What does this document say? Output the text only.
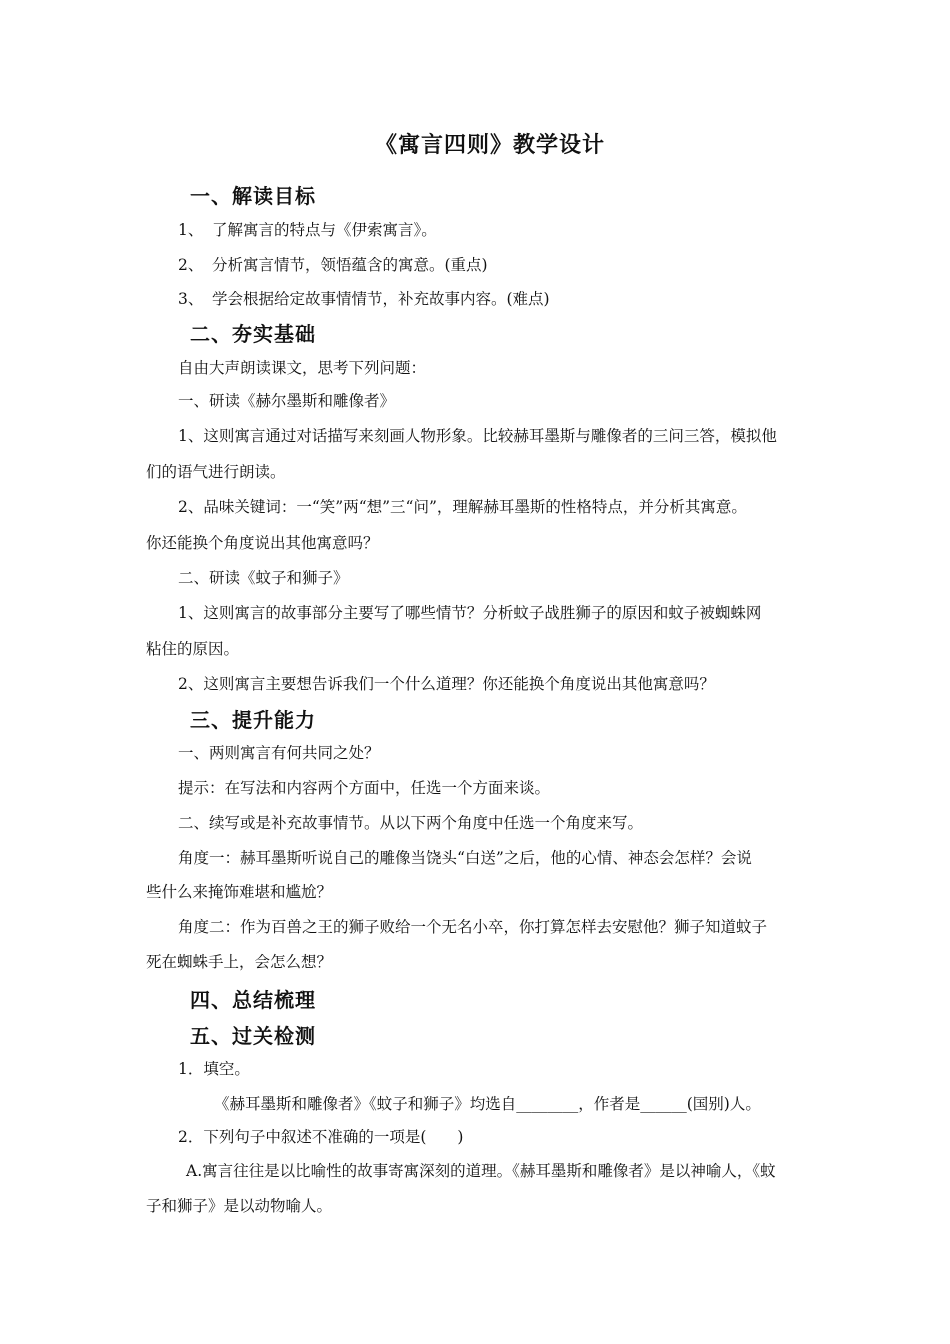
《寓言四则》教学设计
一、解读目标
1、 了解寓言的特点与《伊索寓言》。
2、 分析寓言情节，领悟蕴含的寓意。(重点)
3、 学会根据给定故事情情节，补充故事内容。(难点)
二、夯实基础
自由大声朗读课文，思考下列问题：
一、研读《赫尔墨斯和雕像者》
1、这则寓言通过对话描写来刻画人物形象。比较赫耳墨斯与雕像者的三问三答，模拟他
们的语气进行朗读。
2、品味关键词：一“笑”两“想”三“问”，理解赫耳墨斯的性格特点，并分析其寓意。
你还能换个角度说出其他寓意吗？
二、研读《蚊子和狮子》
1、这则寓言的故事部分主要写了哪些情节？分析蚊子战胜狮子的原因和蚊子被蜘蛛网
粘住的原因。
2、这则寓言主要想告诉我们一个什么道理？你还能换个角度说出其他寓意吗？
三、提升能力
一、两则寓言有何共同之处？
提示：在写法和内容两个方面中，任选一个方面来谈。
二、续写或是补充故事情节。从以下两个角度中任选一个角度来写。
角度一：赫耳墨斯听说自己的雕像当饶头“白送”之后，他的心情、神态会怎样？会说
些什么来掩饰难堪和尴尬？
角度二：作为百兽之王的狮子败给一个无名小卒，你打算怎样去安慰他？狮子知道蚊子
死在蜘蛛手上，会怎么想？
四、总结梳理
五、过关检测
1．填空。
《赫耳墨斯和雕像者》《蚊子和狮子》均选自________，作者是______(国别)人。
2．下列句子中叙述不准确的一项是(　　)
A.寓言往往是以比喻性的故事寄寓深刻的道理。《赫耳墨斯和雕像者》是以神喻人，《蚊
子和狮子》是以动物喻人。
